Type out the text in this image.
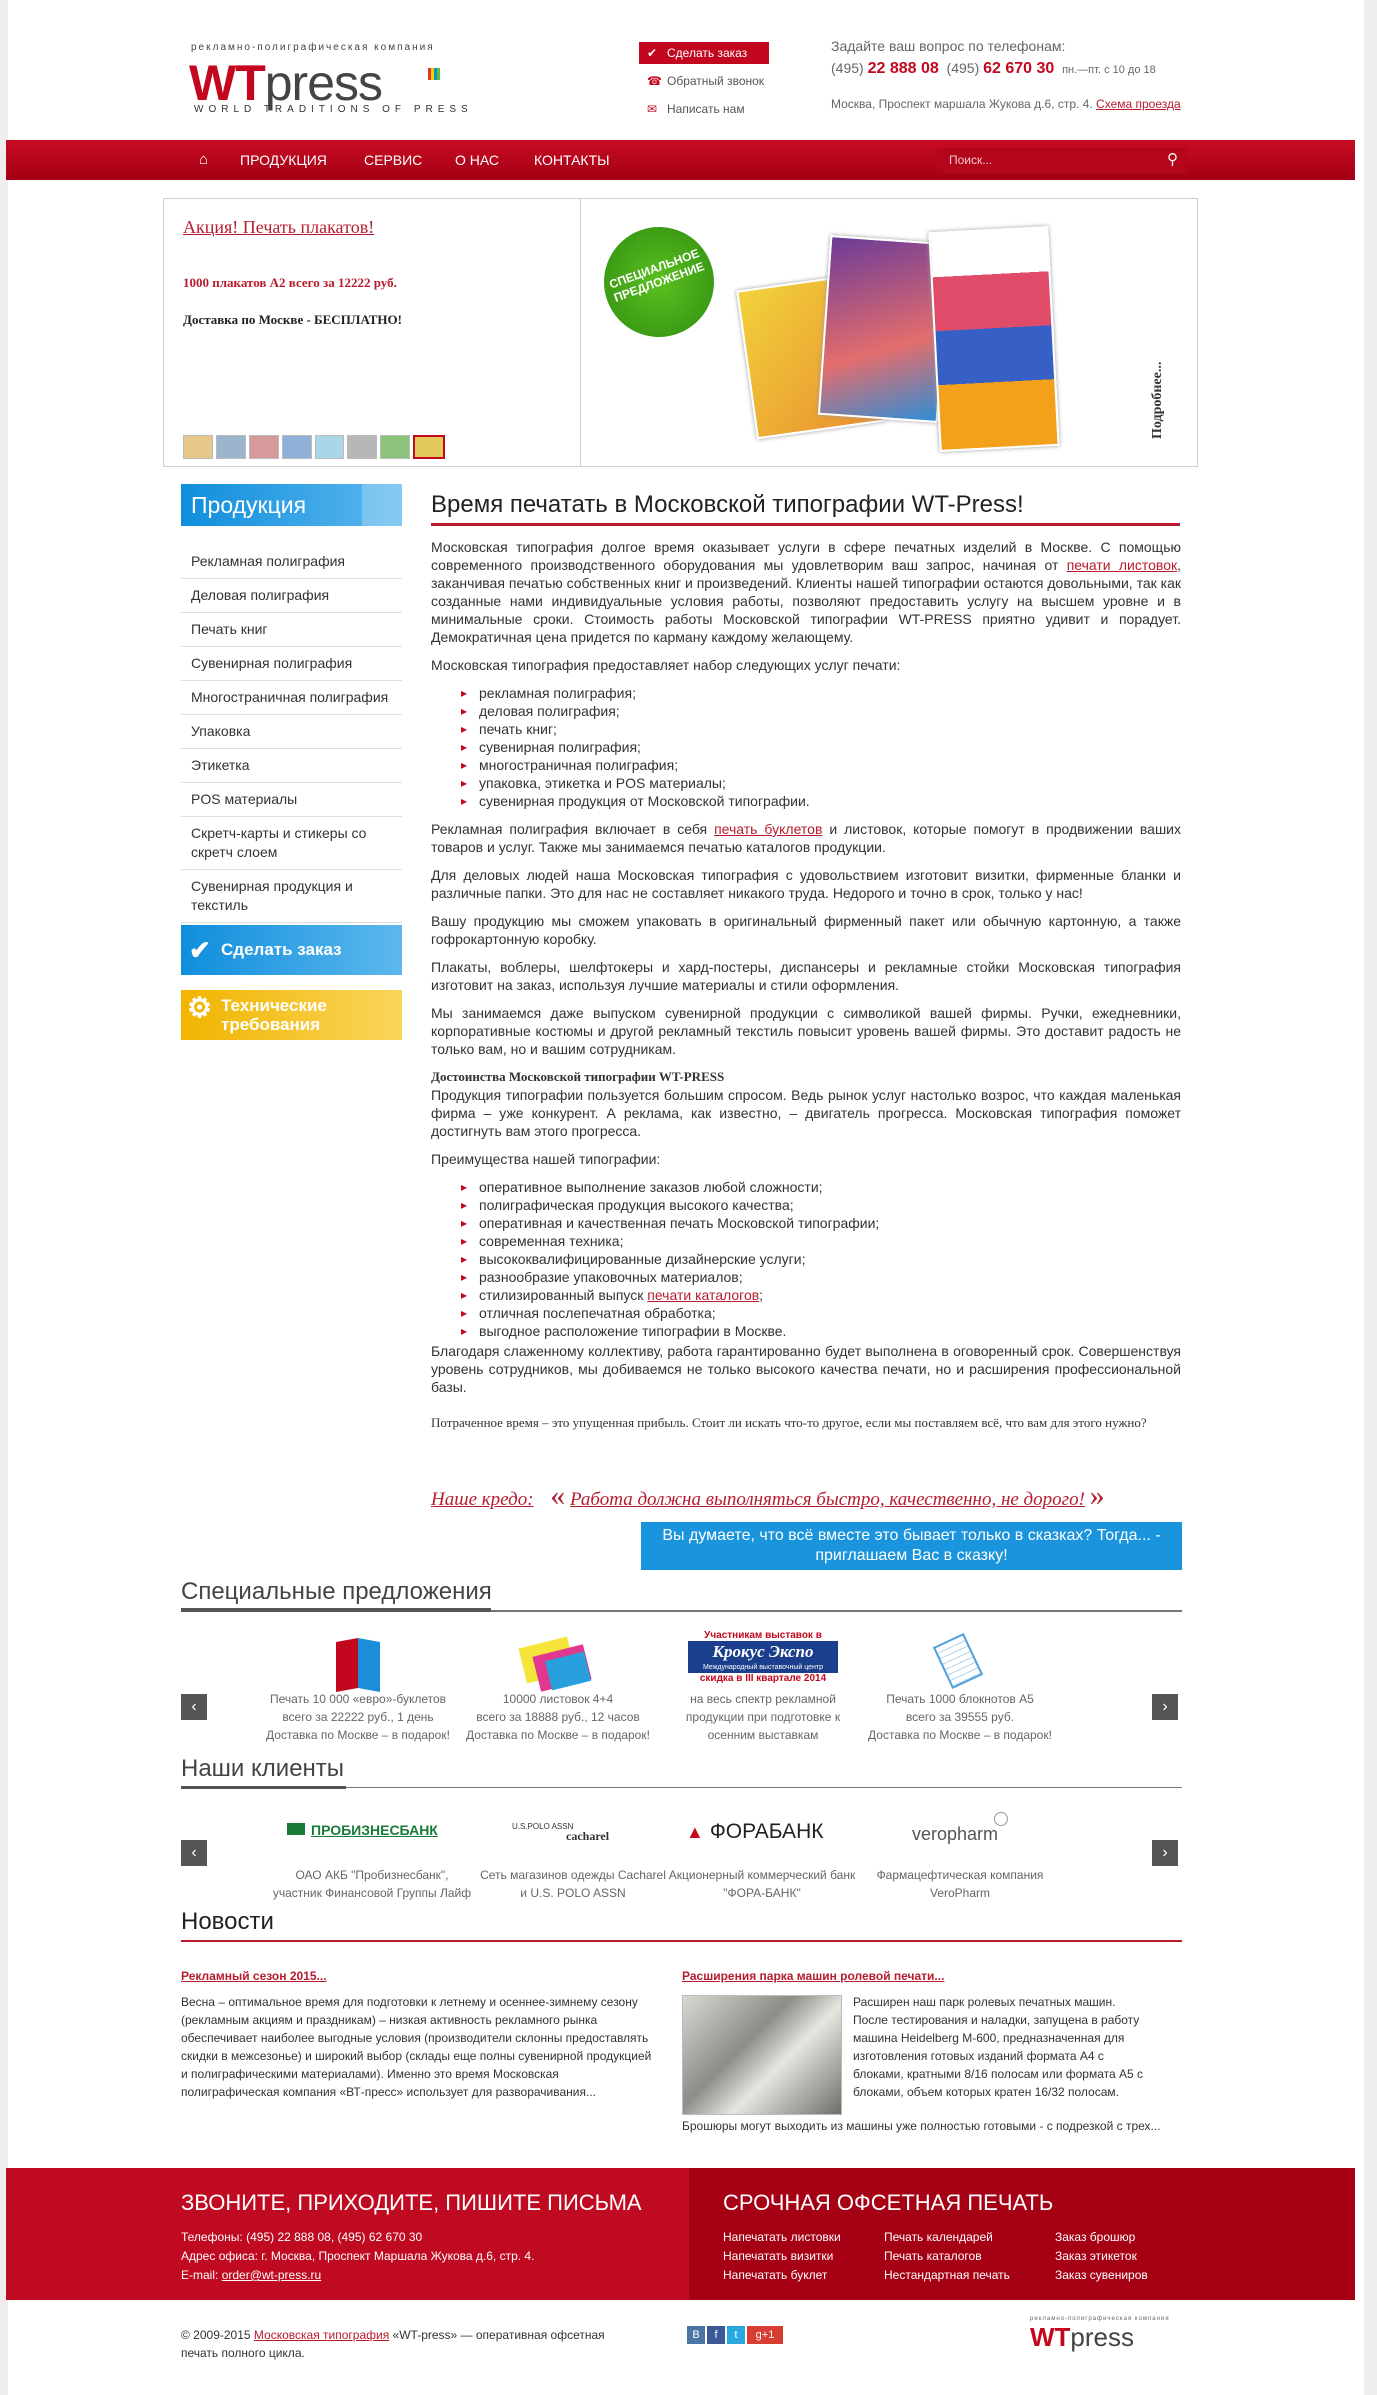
рекламно-полиграфическая компания
WTpress
WORLD TRADITIONS OF PRESS
✔ Сделать заказ
☎ Обратный звонок
✉ Написать нам
Задайте ваш вопрос по телефонам:
(495) 22 888 08 (495) 62 670 30 пн.—пт. с 10 до 18
Москва, Проспект маршала Жукова д.6, стр. 4. Схема проезда
⌂ ПРОДУКЦИЯ	СЕРВИС О НАС КОНТАКТЫ	Поиск...	⚲
Акция! Печать плакатов!
1000 плакатов А2 всего за 12222 руб.
Доставка по Москве - БЕСПЛАТНО!
СПЕЦИАЛЬНОЕ ПРЕДЛОЖЕНИЕ
Подробнее...
Продукция
Рекламная полиграфия
Деловая полиграфия
Печать книг
Сувенирная полиграфия
Многостраничная полиграфия
Упаковка
Этикетка
POS материалы
Скретч-карты и стикеры со скретч слоем
Сувенирная продукция и текстиль
✔ Сделать заказ
⚙ Технические требования
Время печатать в Московской типографии WT-Press!

Московская типография долгое время оказывает услуги в сфере печатных изделий в Москве. С помощью современного производственного оборудования мы удовлетворим ваш запрос, начиная от печати листовок, заканчивая печатью собственных книг и произведений. Клиенты нашей типографии остаются довольными, так как созданные нами индивидуальные условия работы, позволяют предоставить услугу на высшем уровне и в минимальные сроки. Стоимость работы Московской типографии WT-PRESS приятно удивит и порадует. Демократичная цена придется по карману каждому желающему.

Московская типография предоставляет набор следующих услуг печати:

▸ рекламная полиграфия;
▸ деловая полиграфия;
▸ печать книг;
▸ сувенирная полиграфия;
▸ многостраничная полиграфия;
▸ упаковка, этикетка и POS материалы;
▸ сувенирная продукция от Московской типографии.

Рекламная полиграфия включает в себя печать буклетов и листовок, которые помогут в продвижении ваших товаров и услуг. Также мы занимаемся печатью каталогов продукции.

Для деловых людей наша Московская типография с удовольствием изготовит визитки, фирменные бланки и различные папки. Это для нас не составляет никакого труда. Недорого и точно в срок, только у нас!

Вашу продукцию мы сможем упаковать в оригинальный фирменный пакет или обычную картонную, а также гофрокартонную коробку.

Плакаты, воблеры, шелфтокеры и хард-постеры, диспансеры и рекламные стойки Московская типография изготовит на заказ, используя лучшие материалы и стили оформления.

Мы занимаемся даже выпуском сувенирной продукции с символикой вашей фирмы. Ручки, ежедневники, корпоративные костюмы и другой рекламный текстиль повысит уровень вашей фирмы. Это доставит радость не только вам, но и вашим сотрудникам.

Достоинства Московской типографии WT-PRESS

Продукция типографии пользуется большим спросом. Ведь рынок услуг настолько возрос, что каждая маленькая фирма – уже конкурент. А реклама, как известно, – двигатель прогресса. Московская типография поможет достигнуть вам этого прогресса.

Преимущества нашей типографии:

▸ оперативное выполнение заказов любой сложности;
▸ полиграфическая продукция высокого качества;
▸ оперативная и качественная печать Московской типографии;
▸ современная техника;
▸ высококвалифицированные дизайнерские услуги;
▸ разнообразие упаковочных материалов;
▸ стилизированный выпуск печати каталогов;
▸ отличная послепечатная обработка;
▸ выгодное расположение типографии в Москве.

Благодаря слаженному коллективу, работа гарантированно будет выполнена в оговоренный срок. Совершенствуя уровень сотрудников, мы добиваемся не только высокого качества печати, но и расширения профессиональной базы.

Потраченное время – это упущенная прибыль. Стоит ли искать что-то другое, если мы поставляем всё, что вам для этого нужно?

Наше кредо: « Работа должна выполняться быстро, качественно, не дорого! »
Вы думаете, что всё вместе это бывает только в сказках? Тогда... -
приглашаем Вас в сказку!
Специальные предложения
‹	›
Печать 10 000 «евро»-буклетов
всего за 22222 руб., 1 день
Доставка по Москве – в подарок!
10000 листовок 4+4
всего за 18888 руб., 12 часов
Доставка по Москве – в подарок!
Участникам выставок в
Крокус Экспо
Международный выставочный центр
скидка в III квартале 2014
на весь спектр рекламной
продукции при подготовке к
осенним выставкам
Печать 1000 блокнотов А5
всего за 39555 руб.
Доставка по Москве – в подарок!
Наши клиенты
‹	›
ПРОБИЗНЕСБАНК
ОАО АКБ "Пробизнесбанк",
участник Финансовой Группы Лайф
U.S.POLO ASSN
cacharel
Сеть магазинов одежды Cacharel
и U.S. POLO ASSN
▲ ФОРАБАНК
Акционерный коммерческий банк
"ФОРА-БАНК"
veropharm
Фармацефтическая компания
VeroPharm
Новости
Рекламный сезон 2015...
Весна – оптимальное время для подготовки к летнему и осеннее-зимнему сезону (рекламным акциям и праздникам) – низкая активность рекламного рынка обеспечивает наиболее выгодные условия (производители склонны предоставлять скидки в межсезонье) и широкий выбор (склады еще полны сувенирной продукцией и полиграфическими материалами). Именно это время Московская полиграфическая компания «ВТ-пресс» использует для разворачивания...
Расширения парка машин ролевой печати...
Расширен наш парк ролевых печатных машин. После тестирования и наладки, запущена в работу машина Heidelberg M-600, предназначенная для изготовления готовых изданий формата А4 с блоками, кратными 8/16 полосам или формата А5 с блоками, объем которых кратен 16/32 полосам.
Брошюры могут выходить из машины уже полностью готовыми - с подрезкой с трех...
ЗВОНИТЕ, ПРИХОДИТЕ, ПИШИТЕ ПИСЬМА
Телефоны: (495) 22 888 08, (495) 62 670 30
Адрес офиса: г. Москва, Проспект Маршала Жукова д.6, стр. 4.
E-mail: order@wt-press.ru
СРОЧНАЯ ОФСЕТНАЯ ПЕЧАТЬ
Напечатать листовки
Напечатать визитки
Напечатать буклет
Печать календарей
Печать каталогов
Нестандартная печать
Заказ брошюр
Заказ этикеток
Заказ сувениров
© 2009-2015 Московская типография «WT-press» — оперативная офсетная
печать полного цикла.
В	f	t	g+1
рекламно-полиграфическая компания
WTpress
